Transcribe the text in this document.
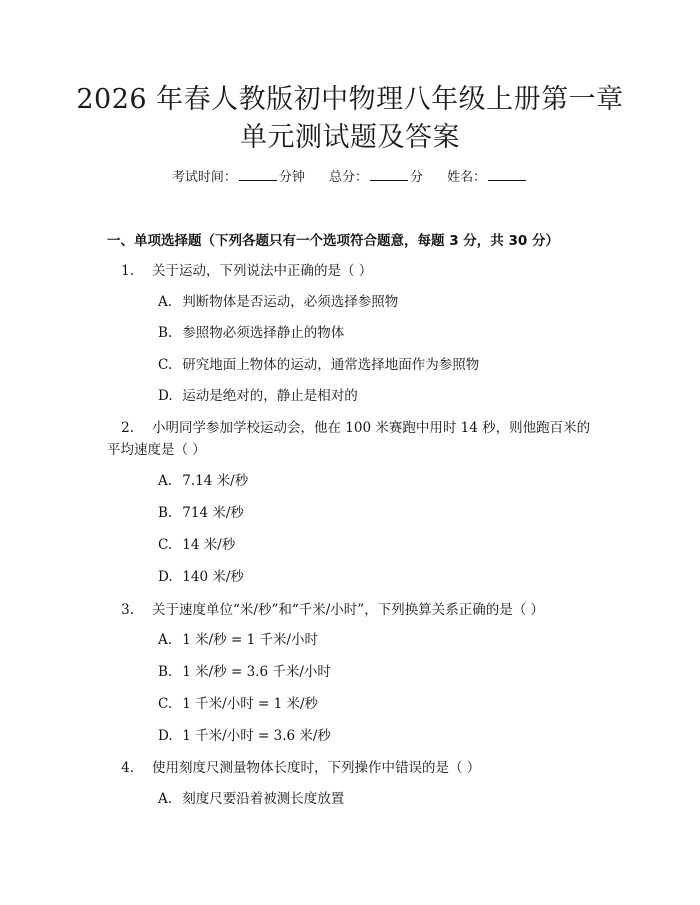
2026 年春人教版初中物理八年级上册第一章
单元测试题及答案
考试时间：	分钟 总分：	分 姓名：
一、单项选择题（下列各题只有一个选项符合题意，每题 3 分，共 30 分）
1. 关于运动，下列说法中正确的是（ ）
A. 判断物体是否运动，必须选择参照物
B. 参照物必须选择静止的物体
C. 研究地面上物体的运动，通常选择地面作为参照物
D. 运动是绝对的，静止是相对的
2. 小明同学参加学校运动会，他在 100 米赛跑中用时 14 秒，则他跑百米的
平均速度是（ ）
A. 7.14 米/秒
B. 714 米/秒
C. 14 米/秒
D. 140 米/秒
3. 关于速度单位“米/秒”和“千米/小时”，下列换算关系正确的是（ ）
A. 1 米/秒 = 1 千米/小时
B. 1 米/秒 = 3.6 千米/小时
C. 1 千米/小时 = 1 米/秒
D. 1 千米/小时 = 3.6 米/秒
4. 使用刻度尺测量物体长度时，下列操作中错误的是（ ）
A. 刻度尺要沿着被测长度放置
